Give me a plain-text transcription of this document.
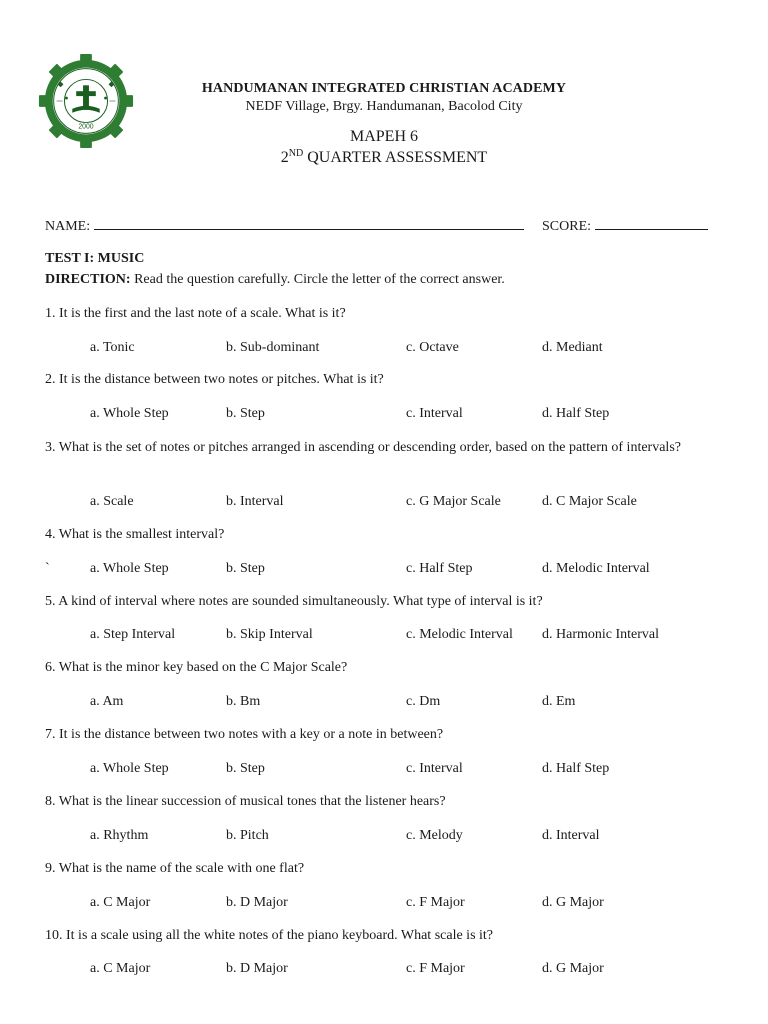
2000
HANDUMANAN INTEGRATED CHRISTIAN ACADEMY
NEDF Village, Brgy. Handumanan, Bacolod City
MAPEH 6
2ND QUARTER ASSESSMENT
NAME:	SCORE:
TEST I: MUSIC
DIRECTION: Read the question carefully. Circle the letter of the correct answer.
1. It is the first and the last note of a scale. What is it?
a. Tonic	b. Sub-dominant	c. Octave	d. Mediant
2. It is the distance between two notes or pitches. What is it?
a. Whole Step	b. Step	c. Interval	d. Half Step
3. What is the set of notes or pitches arranged in ascending or descending order, based on the pattern of intervals?
a. Scale	b. Interval	c. G Major Scale	d. C Major Scale
4. What is the smallest interval?
`	a. Whole Step	b. Step	c. Half Step	d. Melodic Interval
5. A kind of interval where notes are sounded simultaneously. What type of interval is it?
a. Step Interval	b. Skip Interval	c. Melodic Interval d. Harmonic Interval
6. What is the minor key based on the C Major Scale?
a. Am	b. Bm	c. Dm	d. Em
7. It is the distance between two notes with a key or a note in between?
a. Whole Step	b. Step	c. Interval	d. Half Step
8. What is the linear succession of musical tones that the listener hears?
a. Rhythm	b. Pitch	c. Melody	d. Interval
9. What is the name of the scale with one flat?
a. C Major	b. D Major	c. F Major	d. G Major
10. It is a scale using all the white notes of the piano keyboard. What scale is it?
a. C Major	b. D Major	c. F Major	d. G Major
